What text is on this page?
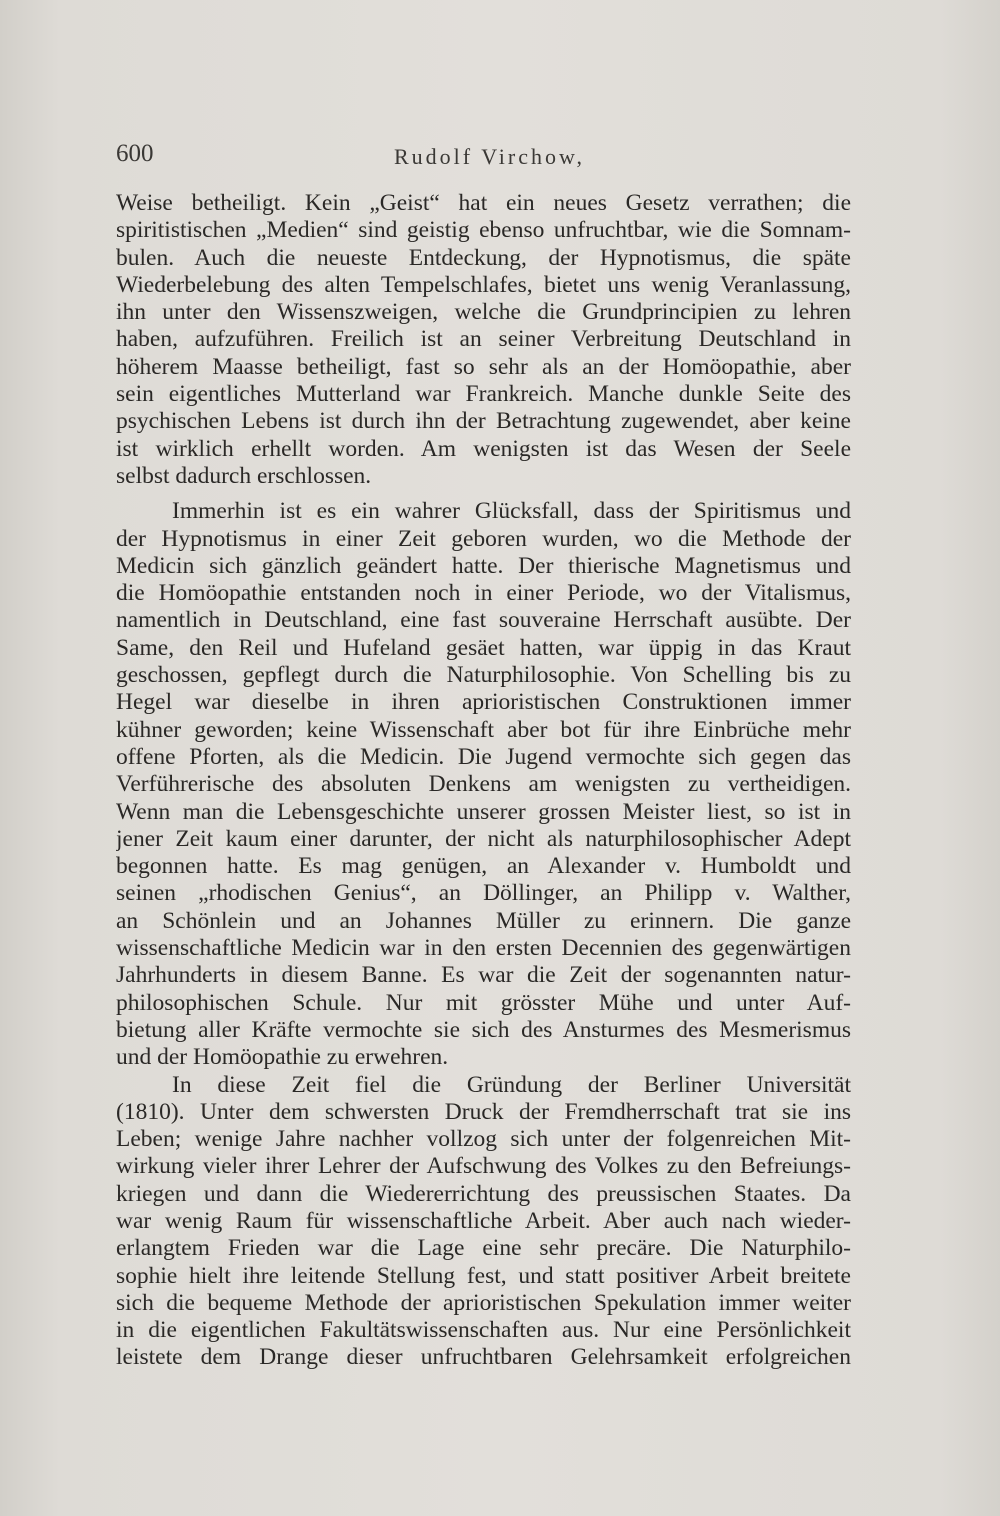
600	Rudolf Virchow,

Weise betheiligt. Kein „Geist“ hat ein neues Gesetz verrathen; die
spiritistischen „Medien“ sind geistig ebenso unfruchtbar, wie die Somnam-
bulen. Auch die neueste Entdeckung, der Hypnotismus, die späte
Wiederbelebung des alten Tempelschlafes, bietet uns wenig Veranlassung,
ihn unter den Wissenszweigen, welche die Grundprincipien zu lehren
haben, aufzuführen. Freilich ist an seiner Verbreitung Deutschland in
höherem Maasse betheiligt, fast so sehr als an der Homöopathie, aber
sein eigentliches Mutterland war Frankreich. Manche dunkle Seite des
psychischen Lebens ist durch ihn der Betrachtung zugewendet, aber keine
ist wirklich erhellt worden. Am wenigsten ist das Wesen der Seele
selbst dadurch erschlossen.

Immerhin ist es ein wahrer Glücksfall, dass der Spiritismus und
der Hypnotismus in einer Zeit geboren wurden, wo die Methode der
Medicin sich gänzlich geändert hatte. Der thierische Magnetismus und
die Homöopathie entstanden noch in einer Periode, wo der Vitalismus,
namentlich in Deutschland, eine fast souveraine Herrschaft ausübte. Der
Same, den Reil und Hufeland gesäet hatten, war üppig in das Kraut
geschossen, gepflegt durch die Naturphilosophie. Von Schelling bis zu
Hegel war dieselbe in ihren aprioristischen Construktionen immer
kühner geworden; keine Wissenschaft aber bot für ihre Einbrüche mehr
offene Pforten, als die Medicin. Die Jugend vermochte sich gegen das
Verführerische des absoluten Denkens am wenigsten zu vertheidigen.
Wenn man die Lebensgeschichte unserer grossen Meister liest, so ist in
jener Zeit kaum einer darunter, der nicht als naturphilosophischer Adept
begonnen hatte. Es mag genügen, an Alexander v. Humboldt und
seinen „rhodischen Genius“, an Döllinger, an Philipp v. Walther,
an Schönlein und an Johannes Müller zu erinnern. Die ganze
wissenschaftliche Medicin war in den ersten Decennien des gegenwärtigen
Jahrhunderts in diesem Banne. Es war die Zeit der sogenannten natur-
philosophischen Schule. Nur mit grösster Mühe und unter Auf-
bietung aller Kräfte vermochte sie sich des Ansturmes des Mesmerismus
und der Homöopathie zu erwehren.

In diese Zeit fiel die Gründung der Berliner Universität
(1810). Unter dem schwersten Druck der Fremdherrschaft trat sie ins
Leben; wenige Jahre nachher vollzog sich unter der folgenreichen Mit-
wirkung vieler ihrer Lehrer der Aufschwung des Volkes zu den Befreiungs-
kriegen und dann die Wiedererrichtung des preussischen Staates. Da
war wenig Raum für wissenschaftliche Arbeit. Aber auch nach wieder-
erlangtem Frieden war die Lage eine sehr precäre. Die Naturphilo-
sophie hielt ihre leitende Stellung fest, und statt positiver Arbeit breitete
sich die bequeme Methode der aprioristischen Spekulation immer weiter
in die eigentlichen Fakultätswissenschaften aus. Nur eine Persönlichkeit
leistete dem Drange dieser unfruchtbaren Gelehrsamkeit erfolgreichen
